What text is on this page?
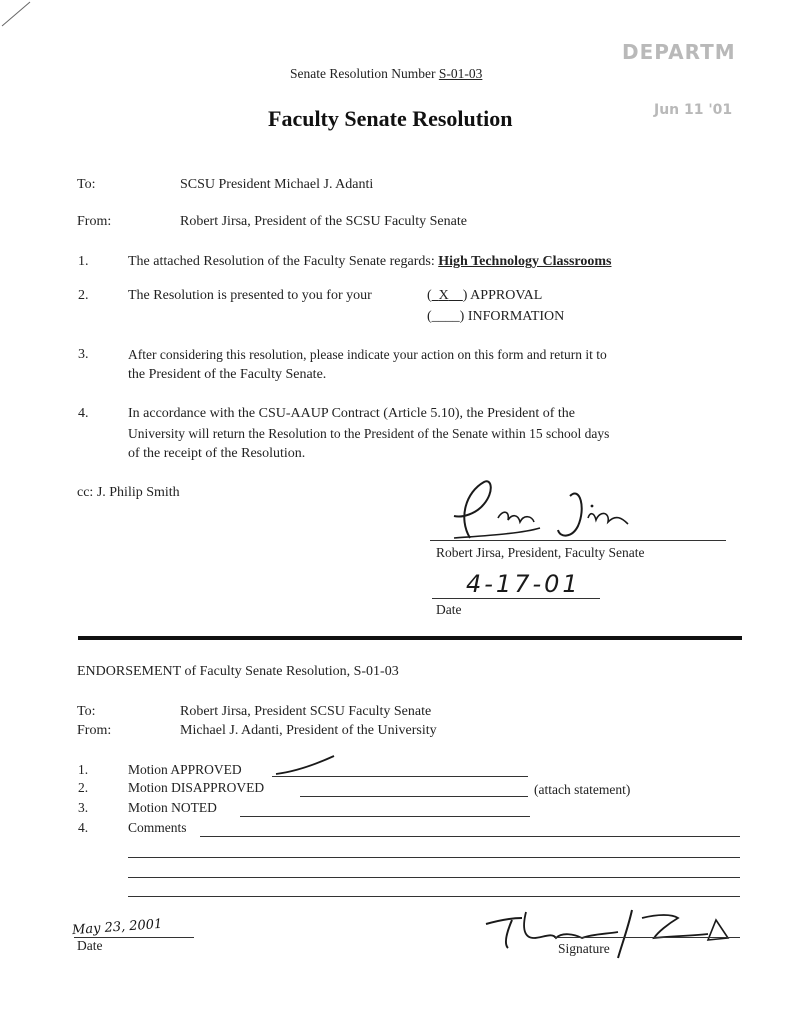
DEPARTM
Jun 11 '01
Senate Resolution Number S-01-03
Faculty Senate Resolution
To:	SCSU President Michael J. Adanti
From:	Robert Jirsa, President of the SCSU Faculty Senate
1.	The attached Resolution of the Faculty Senate regards: High Technology Classrooms
2.	The Resolution is presented to you for your	( X ) APPROVAL
(____) INFORMATION
3.	After considering this resolution, please indicate your action on this form and return it to
the President of the Faculty Senate.
4.	In accordance with the CSU-AAUP Contract (Article 5.10), the President of the
University will return the Resolution to the President of the Senate within 15 school days
of the receipt of the Resolution.
cc: J. Philip Smith
Robert Jirsa, President, Faculty Senate
4-17-01
Date
ENDORSEMENT of Faculty Senate Resolution, S-01-03
To:	Robert Jirsa, President SCSU Faculty Senate
From:	Michael J. Adanti, President of the University
1.	Motion APPROVED
2.	Motion DISAPPROVED	(attach statement)
3.	Motion NOTED
4.	Comments
May 23, 2001
Date	Signature
